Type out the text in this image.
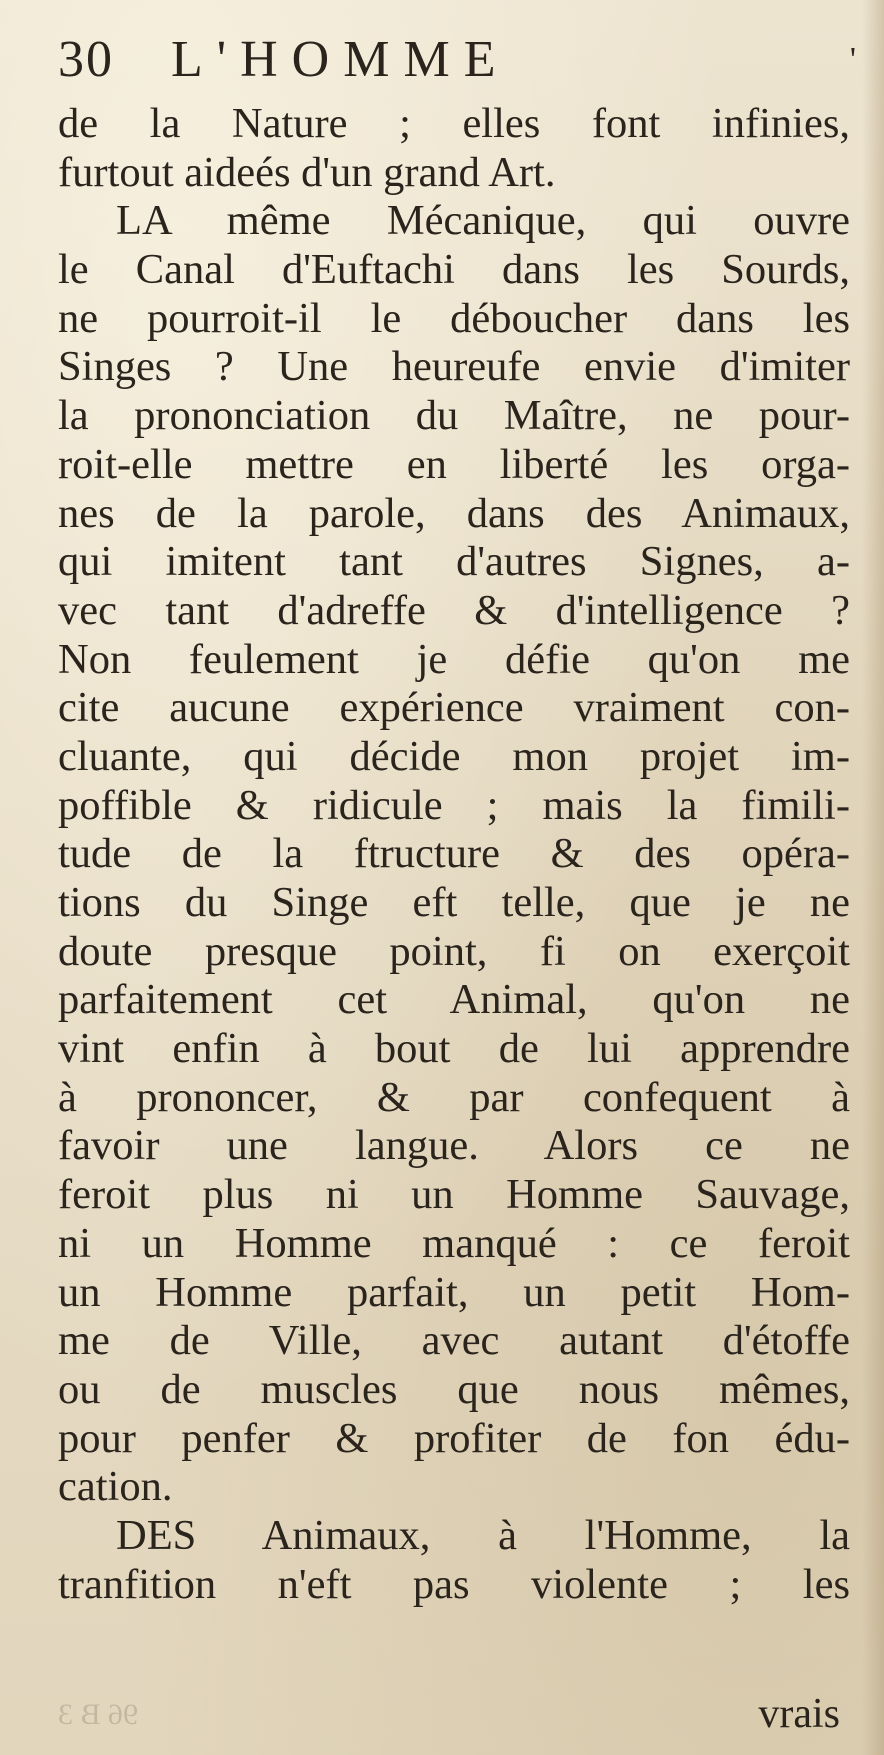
30 L'HOMME	'
de la Nature ; elles font infinies,
furtout aideés d'un grand Art.
LA même Mécanique, qui ouvre
le Canal d'Euftachi dans les Sourds,
ne pourroit-il le déboucher dans les
Singes ? Une heureufe envie d'imiter
la prononciation du Maître, ne pour-
roit-elle mettre en liberté les orga-
nes de la parole, dans des Animaux,
qui imitent tant d'autres Signes, a-
vec tant d'adreffe & d'intelligence ?
Non feulement je défie qu'on me
cite aucune expérience vraiment con-
cluante, qui décide mon projet im-
poffible & ridicule ; mais la fimili-
tude de la ftructure & des opéra-
tions du Singe eft telle, que je ne
doute presque point, fi on exerçoit
parfaitement cet Animal, qu'on ne
vint enfin à bout de lui apprendre
à prononcer, & par confequent à
favoir une langue. Alors ce ne
feroit plus ni un Homme Sauvage,
ni un Homme manqué : ce feroit
un Homme parfait, un petit Hom-
me de Ville, avec autant d'étoffe
ou de muscles que nous mêmes,
pour penfer & profiter de fon édu-
cation.
DES Animaux, à l'Homme, la
tranfition n'eft pas violente ; les
96 B 3	vrais
